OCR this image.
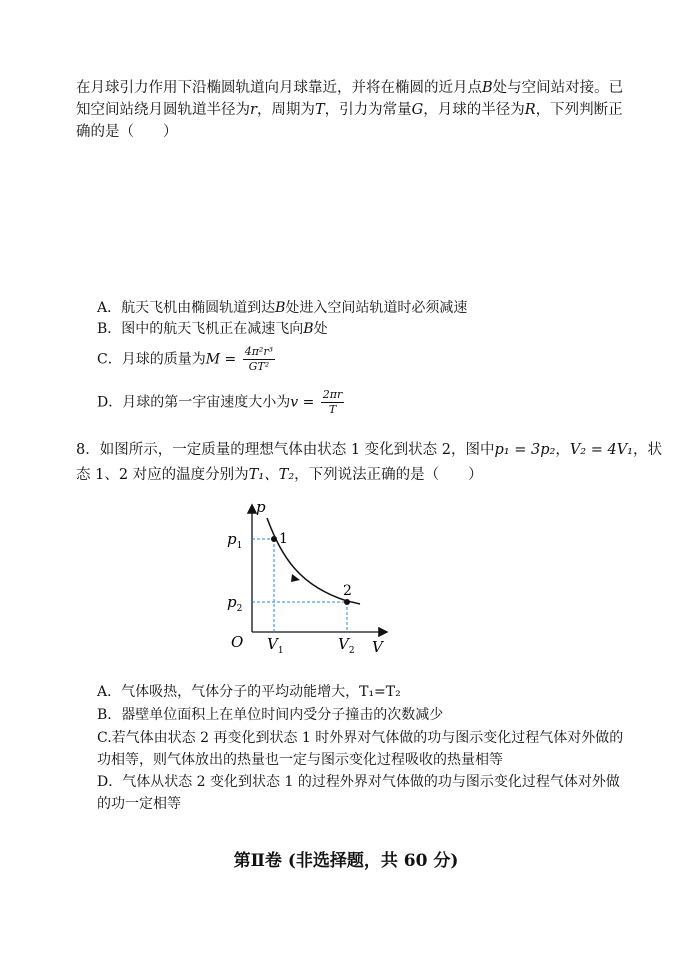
在月球引力作用下沿椭圆轨道向月球靠近，并将在椭圆的近月点B处与空间站对接。已
知空间站绕月圆轨道半径为r，周期为T，引力为常量G，月球的半径为R，下列判断正
确的是（　　）
A．航天飞机由椭圆轨道到达B处进入空间站轨道时必须减速
B．图中的航天飞机正在减速飞向B处
C．月球的质量为$M = \frac{\text{4π²r³}}{\text{GT²}}$
D．月球的第一宇宙速度大小为$v = \frac{2\pi r}{T}$
8．如图所示，一定质量的理想气体由状态 1 变化到状态 2，图中p₁ = 3p₂，V₂ = 4V₁，状
态 1、2 对应的温度分别为T₁、T₂，下列说法正确的是（　　）
p
V
O
$p_1$
$p_2$
$V_1$	$V_2$
1
2
A．气体吸热，气体分子的平均动能增大，T₁=T₂
B．器壁单位面积上在单位时间内受分子撞击的次数减少
C.若气体由状态 2 再变化到状态 1 时外界对气体做的功与图示变化过程气体对外做的
功相等，则气体放出的热量也一定与图示变化过程吸收的热量相等
D．气体从状态 2 变化到状态 1 的过程外界对气体做的功与图示变化过程气体对外做
的功一定相等
第Ⅱ卷 (非选择题，共 60 分)
